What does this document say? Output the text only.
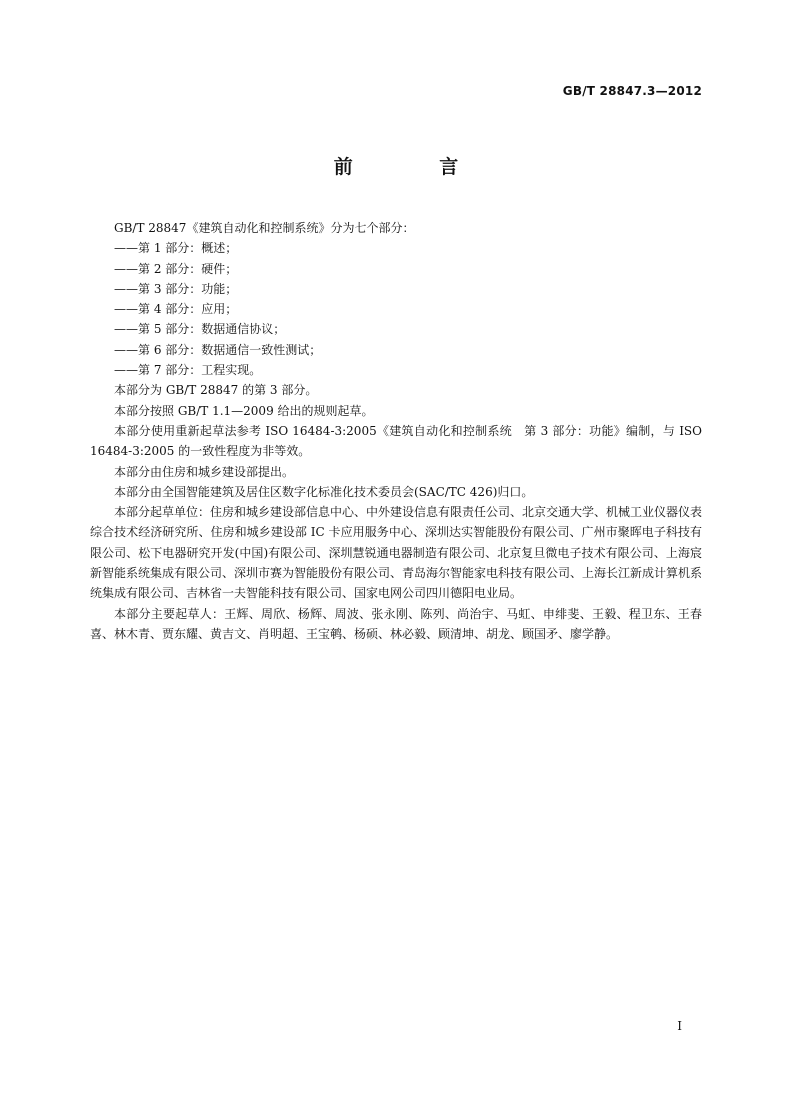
GB/T 28847.3—2012
前 言

GB/T 28847《建筑自动化和控制系统》分为七个部分：

——第 1 部分：概述；

——第 2 部分：硬件；

——第 3 部分：功能；

——第 4 部分：应用；

——第 5 部分：数据通信协议；

——第 6 部分：数据通信一致性测试；

——第 7 部分：工程实现。

本部分为 GB/T 28847 的第 3 部分。

本部分按照 GB/T 1.1—2009 给出的规则起草。

本部分使用重新起草法参考 ISO 16484-3:2005《建筑自动化和控制系统　第 3 部分：功能》编制，与 ISO 16484-3:2005 的一致性程度为非等效。

本部分由住房和城乡建设部提出。

本部分由全国智能建筑及居住区数字化标准化技术委员会(SAC/TC 426)归口。

本部分起草单位：住房和城乡建设部信息中心、中外建设信息有限责任公司、北京交通大学、机械工业仪器仪表综合技术经济研究所、住房和城乡建设部 IC 卡应用服务中心、深圳达实智能股份有限公司、广州市聚晖电子科技有限公司、松下电器研究开发(中国)有限公司、深圳慧锐通电器制造有限公司、北京复旦微电子技术有限公司、上海宸新智能系统集成有限公司、深圳市赛为智能股份有限公司、青岛海尔智能家电科技有限公司、上海长江新成计算机系统集成有限公司、吉林省一夫智能科技有限公司、国家电网公司四川德阳电业局。

本部分主要起草人：王辉、周欣、杨辉、周波、张永刚、陈列、尚治宇、马虹、申绯斐、王毅、程卫东、王春喜、林木青、贾东耀、黄吉文、肖明超、王宝鹌、杨硕、林必毅、顾清坤、胡龙、顾国矛、廖学静。

I
